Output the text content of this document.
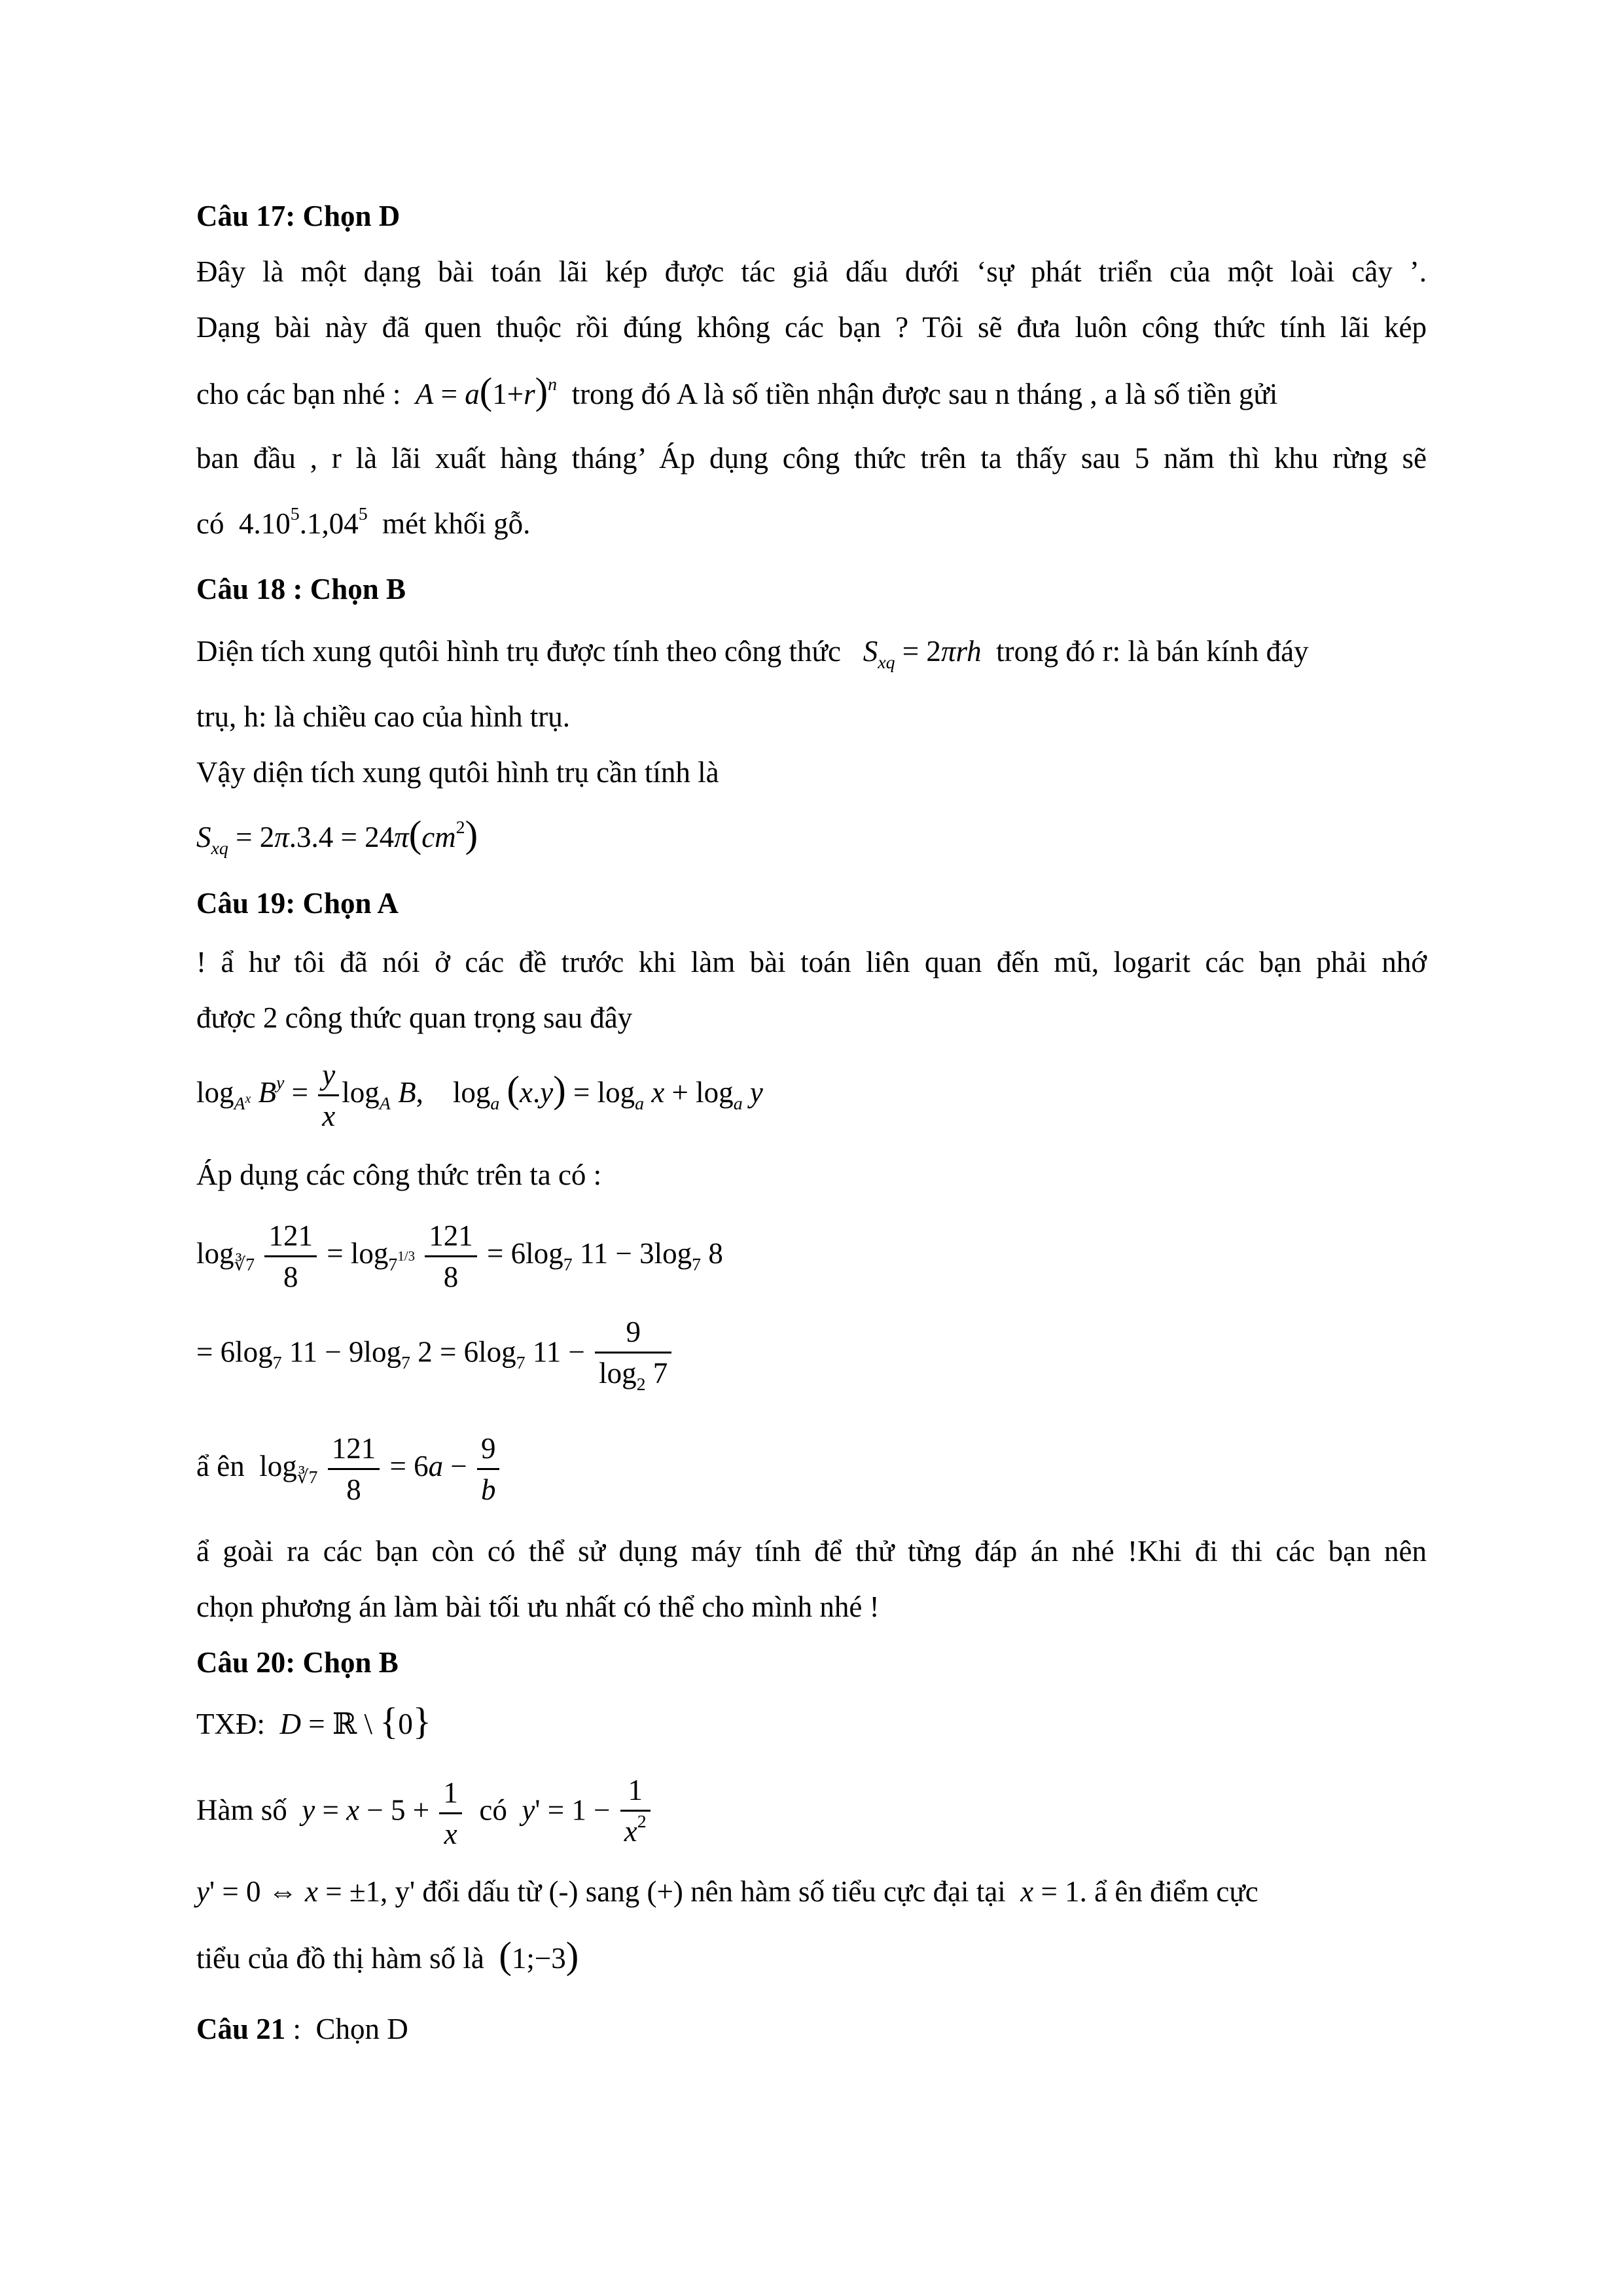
Câu 17: Chọn D
Đây là một dạng bài toán lãi kép được tác giả dấu dưới ‘sự phát triển của một loài cây ’.
Dạng bài này đã quen thuộc rồi đúng không các bạn ? Tôi sẽ đưa luôn công thức tính lãi kép
cho các bạn nhé : $A = a(1+r)^n$ trong đó A là số tiền nhận được sau n tháng , a là số tiền gửi
ban đầu , r là lãi xuất hàng tháng’ Áp dụng công thức trên ta thấy sau 5 năm thì khu rừng sẽ
có  4.10$^5$.1,04$^5$ mét khối gỗ.
Câu 18 : Chọn B
Diện tích xung qutôi hình trụ được tính theo công thức $S_{xq} = 2\pi rh$ trong đó r: là bán kính đáy
trụ, h: là chiều cao của hình trụ.
Vậy diện tích xung qutôi hình trụ cần tính là
$S_{xq} = 2\pi.3.4 = 24\pi(cm^2)$
Câu 19: Chọn A
! ẩ hư tôi đã nói ở các đề trước khi làm bài toán liên quan đến mũ, logarit các bạn phải nhớ
được 2 công thức quan trọng sau đây
$\log_{A^x} B^y = \frac{y}{x} \log_A B$,    $\log_a (x.y) = \log_a x + \log_a y$
Áp dụng các công thức trên ta có :
$\log_{∛7} \frac{121}{8} = \log_{7^{1/3}} \frac{121}{8} = 6\log_7$ $11 - 3\log_7$ 8
= $6\log_7$ $11 - 9\log_7$ $2 = 6\log_7$ $11 - \frac{9}{\log_2 7}$
ẩ ên  $\log_{∛7} \frac{121}{8} = 6a - \frac{9}{b}$
ẩ goài ra các bạn còn có thể sử dụng máy tính để thử từng đáp án nhé !Khi đi thi các bạn nên
chọn phương án làm bài tối ưu nhất có thể cho mình nhé !
Câu 20: Chọn B
TXĐ: D = ℝ \ {0}
Hàm số $y = x - 5 + \frac{1}{x}$ có $y' = 1 - \frac{1}{x^2}$
y' = 0 ⇔ x = ±1, y' đổi dấu từ (-) sang (+) nên hàm số tiểu cực đại tại x = 1. ẩ ên điểm cực
tiểu của đồ thị hàm số là (1;−3)
Câu 21 :  Chọn D
